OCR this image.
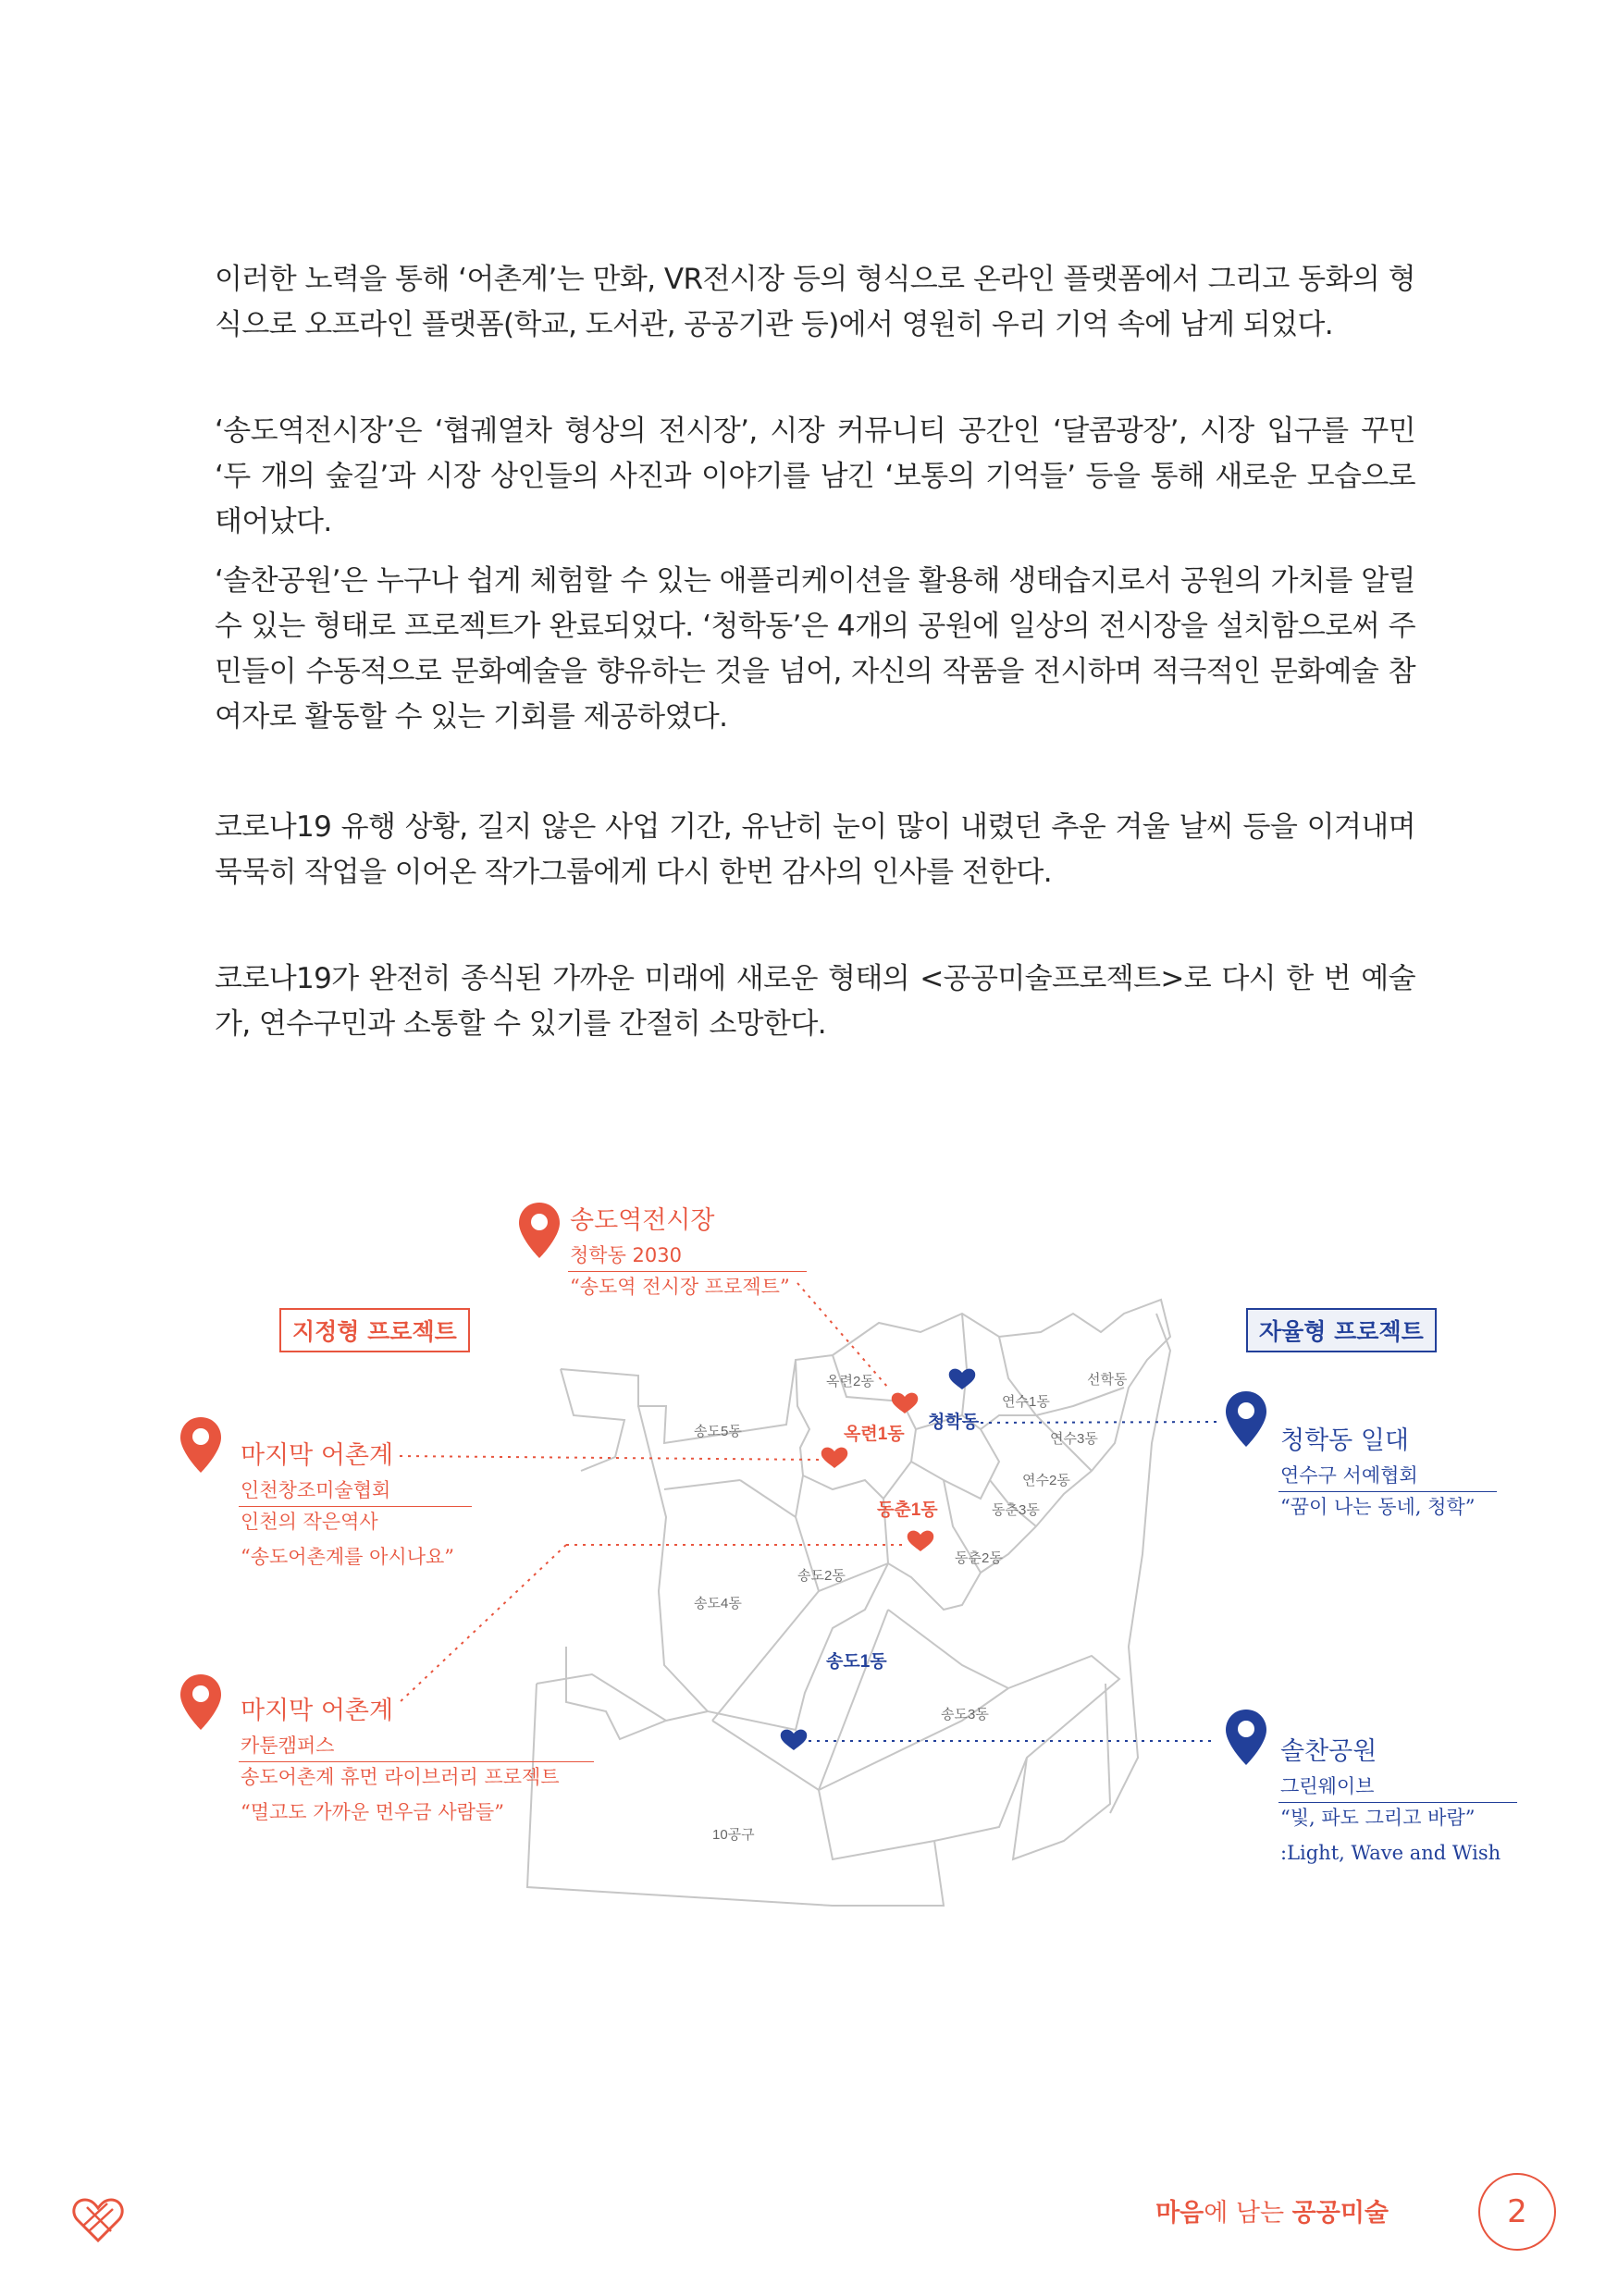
이러한 노력을 통해 ‘어촌계’는 만화, VR전시장 등의 형식으로 온라인 플랫폼에서 그리고 동화의 형식으로 오프라인 플랫폼(학교, 도서관, 공공기관 등)에서 영원히 우리 기억 속에 남게 되었다.

‘송도역전시장’은 ‘협궤열차 형상의 전시장’, 시장 커뮤니티 공간인 ‘달콤광장’, 시장 입구를 꾸민 ‘두 개의 숲길’과 시장 상인들의 사진과 이야기를 남긴 ‘보통의 기억들’ 등을 통해 새로운 모습으로 태어났다.

‘솔찬공원’은 누구나 쉽게 체험할 수 있는 애플리케이션을 활용해 생태습지로서 공원의 가치를 알릴 수 있는 형태로 프로젝트가 완료되었다. ‘청학동’은 4개의 공원에 일상의 전시장을 설치함으로써 주민들이 수동적으로 문화예술을 향유하는 것을 넘어, 자신의 작품을 전시하며 적극적인 문화예술 참여자로 활동할 수 있는 기회를 제공하였다.

코로나19 유행 상황, 길지 않은 사업 기간, 유난히 눈이 많이 내렸던 추운 겨울 날씨 등을 이겨내며 묵묵히 작업을 이어온 작가그룹에게 다시 한번 감사의 인사를 전한다.

코로나19가 완전히 종식된 가까운 미래에 새로운 형태의 <공공미술프로젝트>로 다시 한 번 예술가, 연수구민과 소통할 수 있기를 간절히 소망한다.

옥련2동
연수1동
선학동
연수3동
연수2동
동춘3동
동춘2동
송도5동
송도2동
송도4동
송도3동
10공구
옥련1동
청학동
동춘1동
송도1동
지정형 프로젝트	자율형 프로젝트
송도역전시장
청학동 2030
“송도역 전시장 프로젝트”
마지막 어촌계
인천창조미술협회
인천의 작은역사
“송도어촌계를 아시나요”
마지막 어촌계
카툰캠퍼스
송도어촌계 휴먼 라이브러리 프로젝트
“멀고도 가까운 먼우금 사람들”
청학동 일대
연수구 서예협회
“꿈이 나는 동네, 청학”
솔찬공원
그린웨이브
“빛, 파도 그리고 바람”
:Light, Wave and Wish
마음에 남는 공공미술	2
